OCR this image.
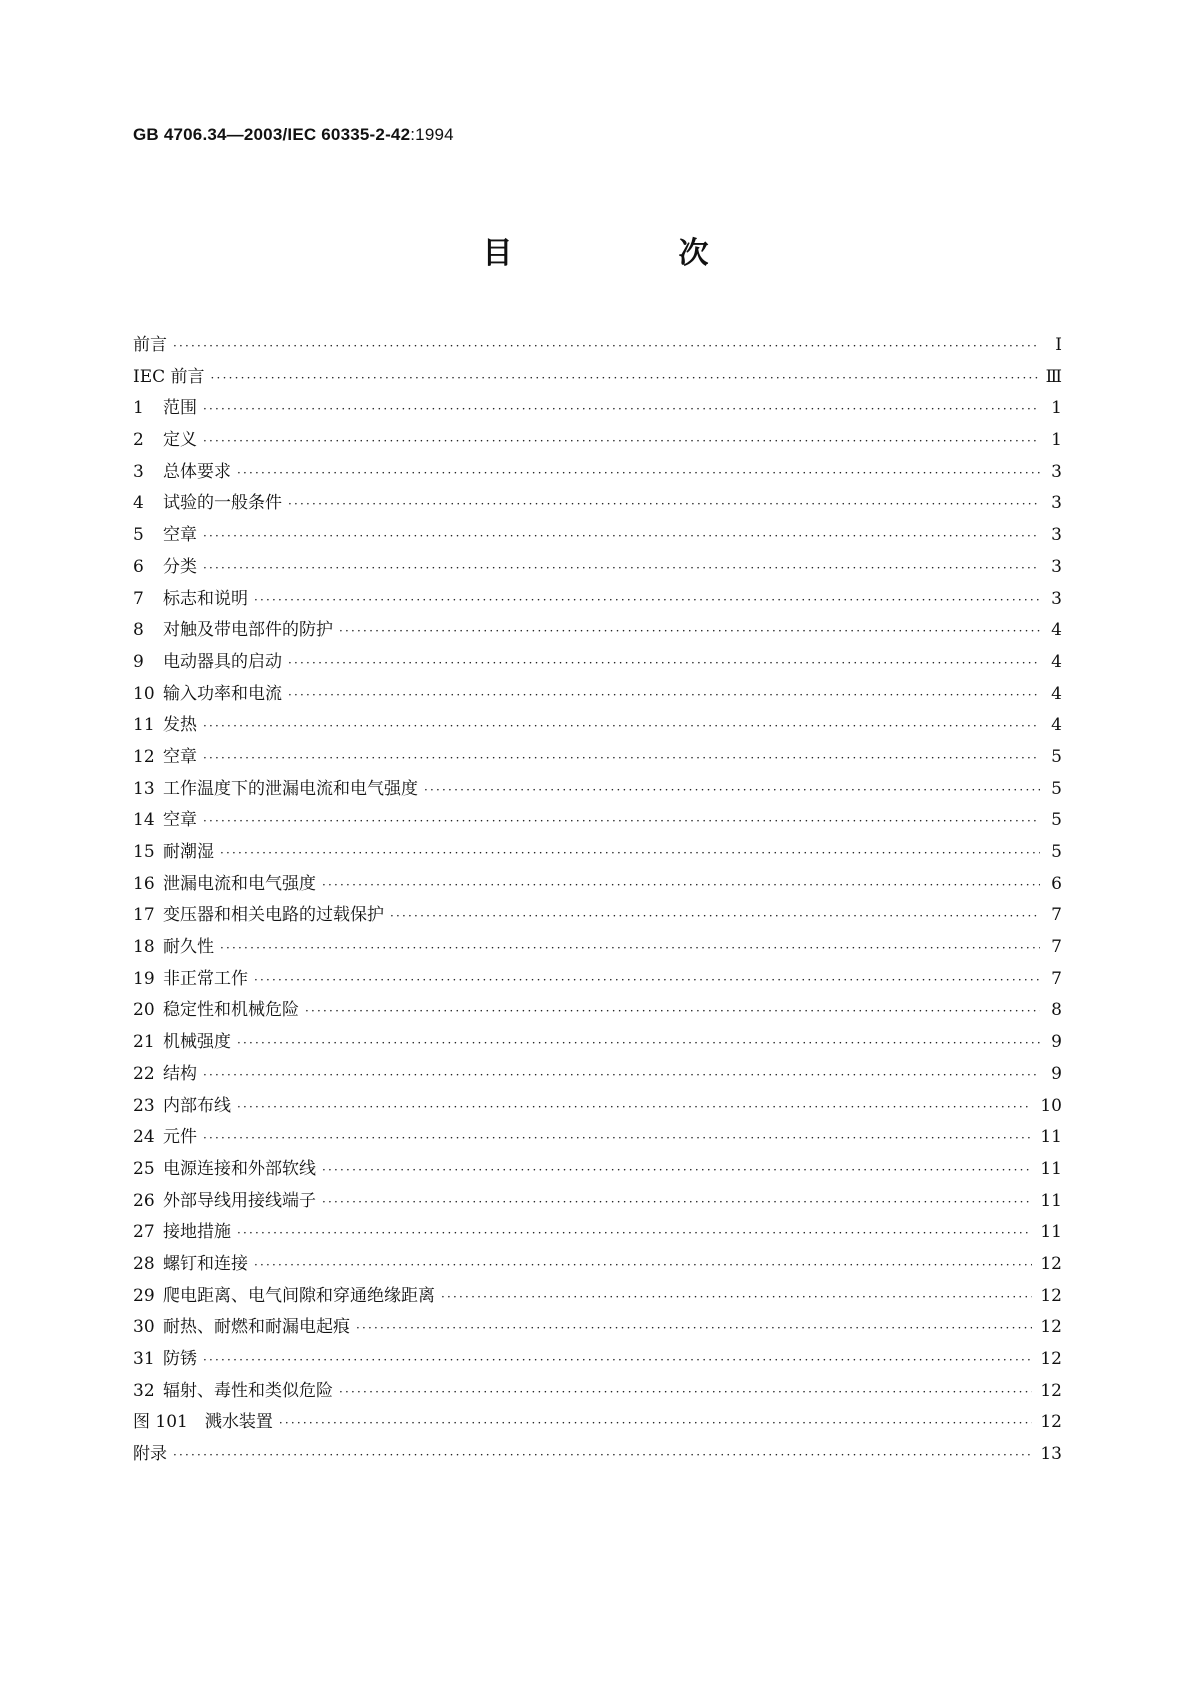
GB 4706.34—2003/IEC 60335-2-42:1994
目　次
前言 ·····	Ⅰ
IEC 前言 ·····	Ⅲ
1	范围 ·····	1
2	定义 ·····	1
3	总体要求 ·····	3
4	试验的一般条件 ·····	3
5	空章 ·····	3
6	分类 ·····	3
7	标志和说明 ·····	3
8	对触及带电部件的防护 ·····	4
9	电动器具的启动 ·····	4
10 输入功率和电流 ·····	4
11 发热 ·····	4
12 空章 ·····	5
13 工作温度下的泄漏电流和电气强度 ·····	5
14 空章 ·····	5
15 耐潮湿 ·····	5
16 泄漏电流和电气强度 ·····	6
17 变压器和相关电路的过载保护 ·····	7
18 耐久性 ·····	7
19 非正常工作 ·····	7
20 稳定性和机械危险 ·····	8
21 机械强度 ·····	9
22 结构 ·····	9
23 内部布线 ·····	10
24 元件 ·····	11
25 电源连接和外部软线 ·····	11
26 外部导线用接线端子 ·····	11
27 接地措施 ·····	11
28 螺钉和连接 ·····	12
29 爬电距离、电气间隙和穿通绝缘距离 ·····	12
30 耐热、耐燃和耐漏电起痕 ·····	12
31 防锈 ·····	12
32 辐射、毒性和类似危险 ·····	12
图 101　溅水装置 ·····	12
附录 ·····	13
